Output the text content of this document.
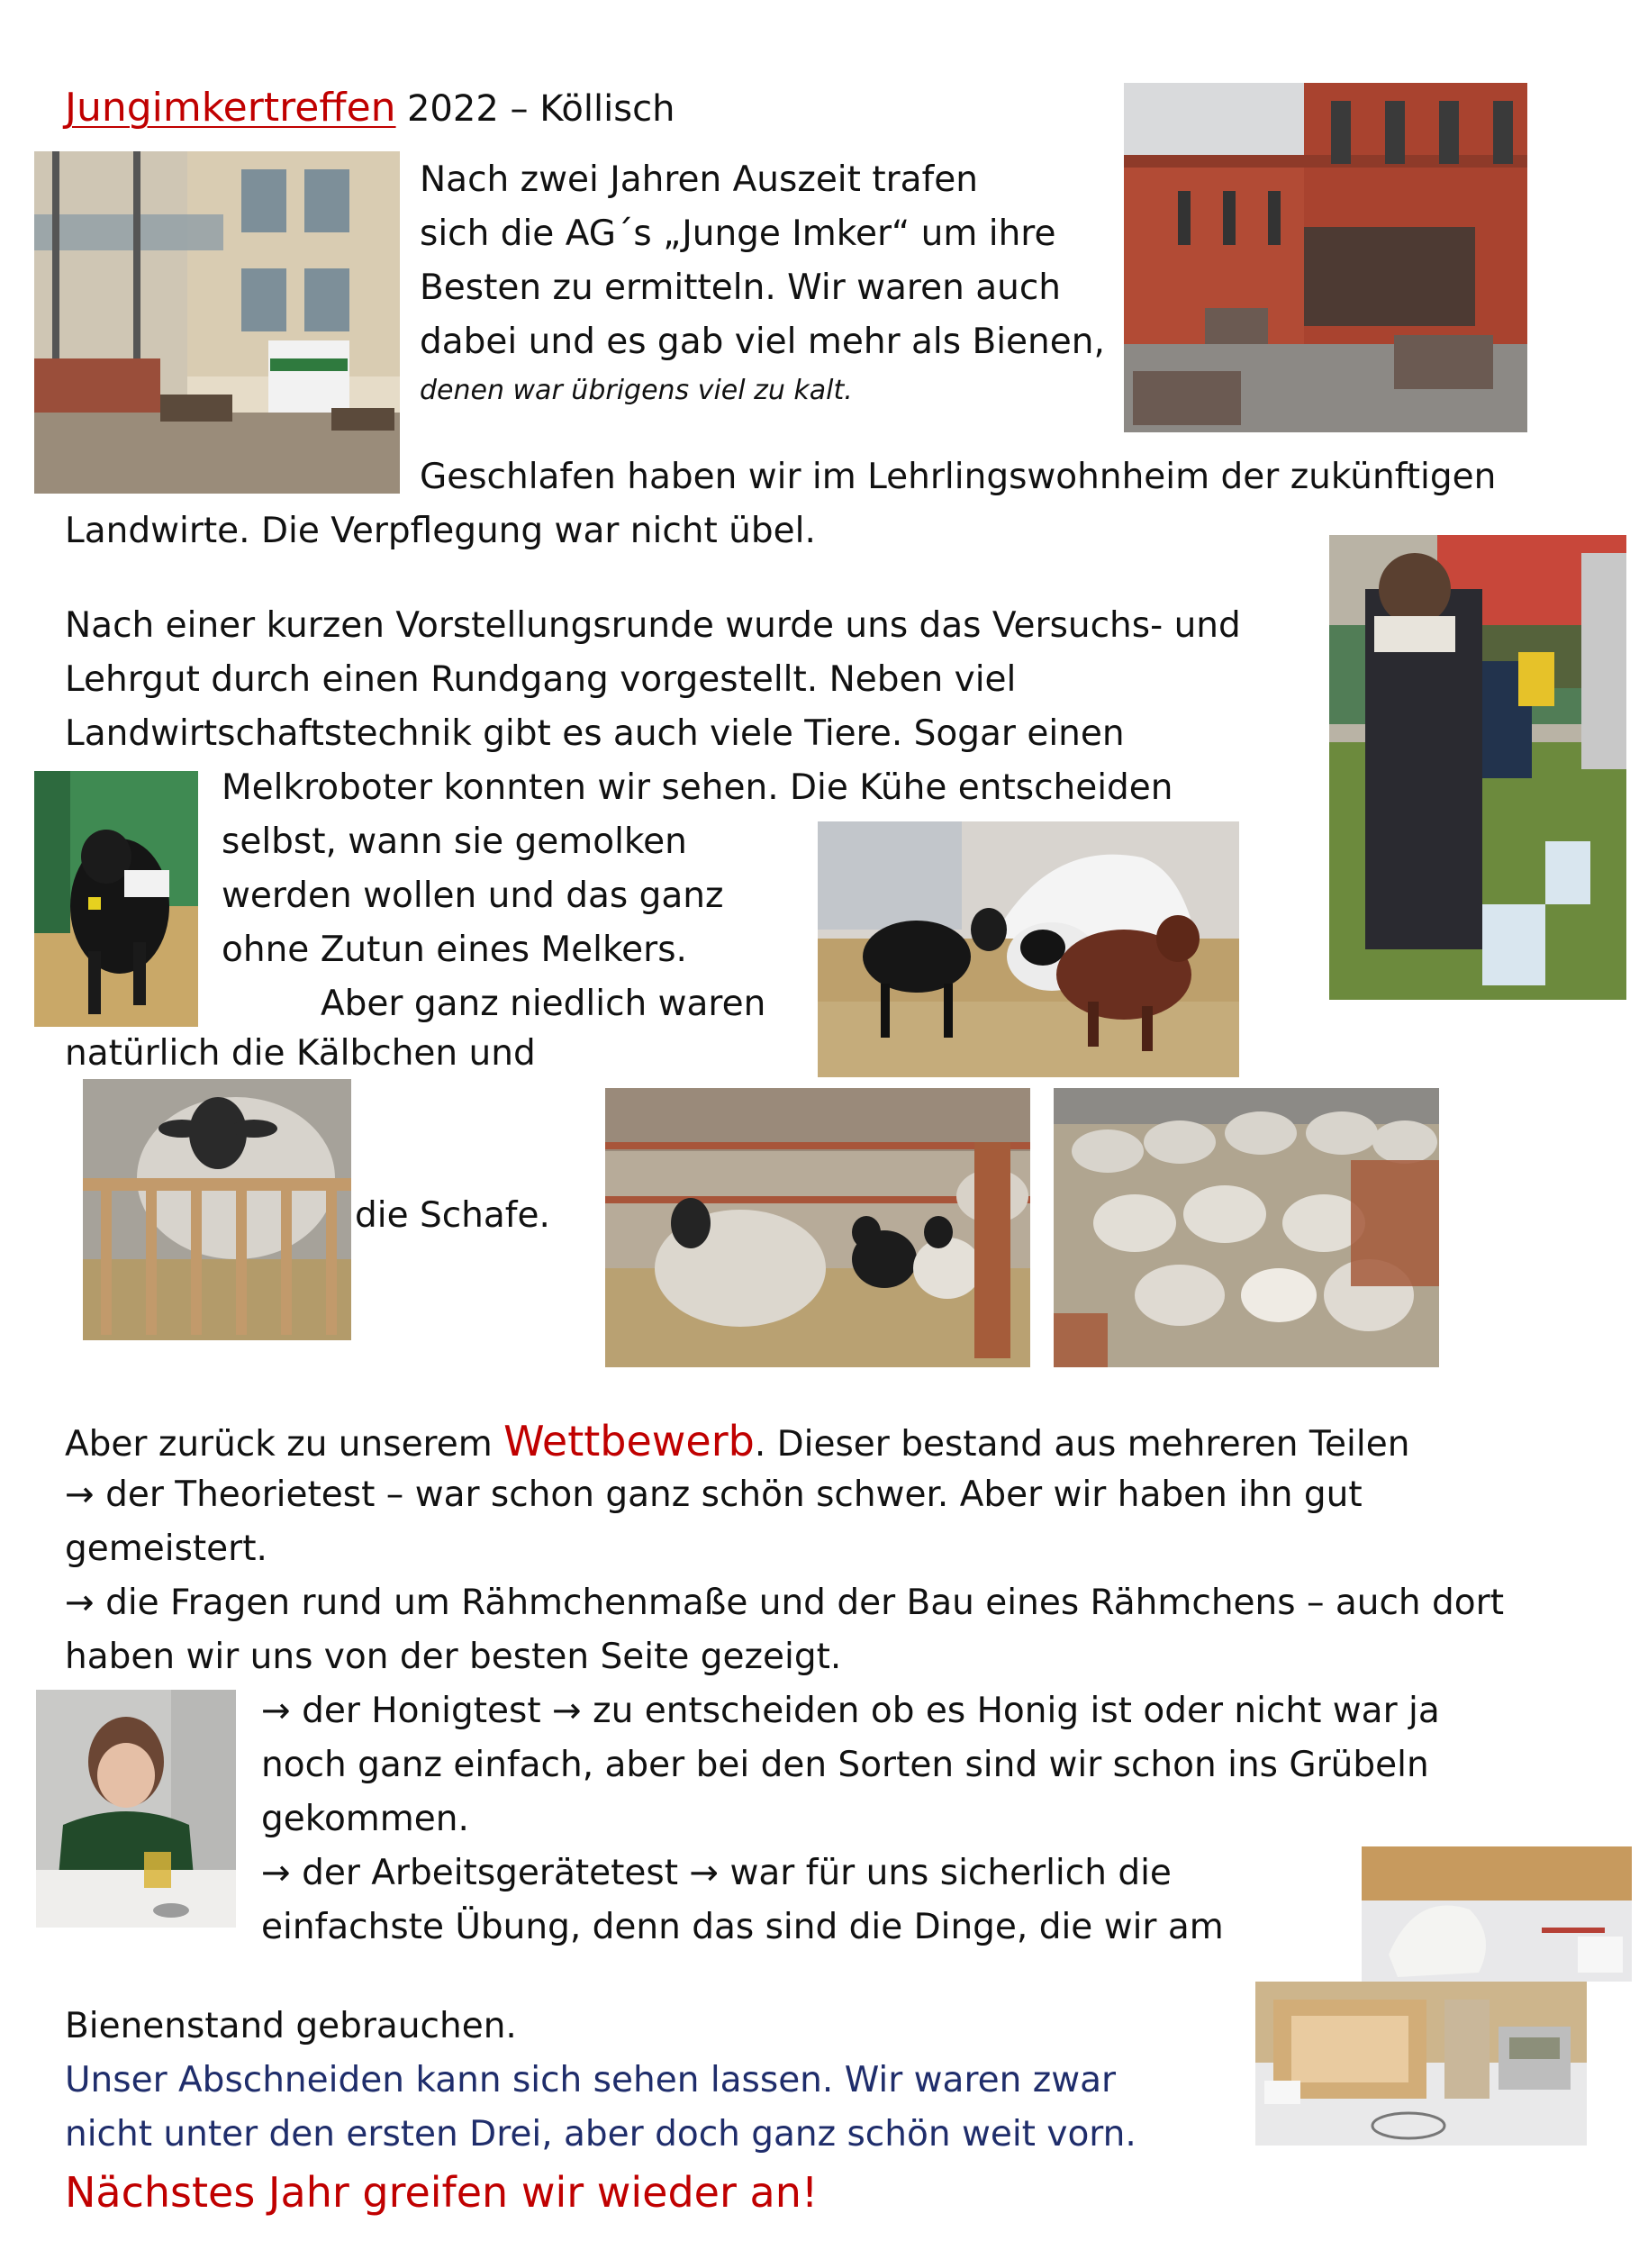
Jungimkertreffen 2022 – Köllisch
Nach zwei Jahren Auszeit trafen
sich die AG´s „Junge Imker“ um ihre
Besten zu ermitteln. Wir waren auch
dabei und es gab viel mehr als Bienen,
denen war übrigens viel zu kalt.
Geschlafen haben wir im Lehrlingswohnheim der zukünftigen
Landwirte. Die Verpflegung war nicht übel.
Nach einer kurzen Vorstellungsrunde wurde uns das Versuchs- und
Lehrgut durch einen Rundgang vorgestellt. Neben viel
Landwirtschaftstechnik gibt es auch viele Tiere. Sogar einen
Melkroboter konnten wir sehen. Die Kühe entscheiden
selbst, wann sie gemolken
werden wollen und das ganz
ohne Zutun eines Melkers.
Aber ganz niedlich waren
natürlich die Kälbchen und
die Schafe.
Aber zurück zu unserem Wettbewerb. Dieser bestand aus mehreren Teilen
→ der Theorietest – war schon ganz schön schwer. Aber wir haben ihn gut
gemeistert.
→ die Fragen rund um Rähmchenmaße und der Bau eines Rähmchens – auch dort
haben wir uns von der besten Seite gezeigt.
→ der Honigtest → zu entscheiden ob es Honig ist oder nicht war ja
noch ganz einfach, aber bei den Sorten sind wir schon ins Grübeln
gekommen.
→ der Arbeitsgerätetest → war für uns sicherlich die
einfachste Übung, denn das sind die Dinge, die wir am
Bienenstand gebrauchen.
Unser Abschneiden kann sich sehen lassen. Wir waren zwar
nicht unter den ersten Drei, aber doch ganz schön weit vorn.
Nächstes Jahr greifen wir wieder an!
